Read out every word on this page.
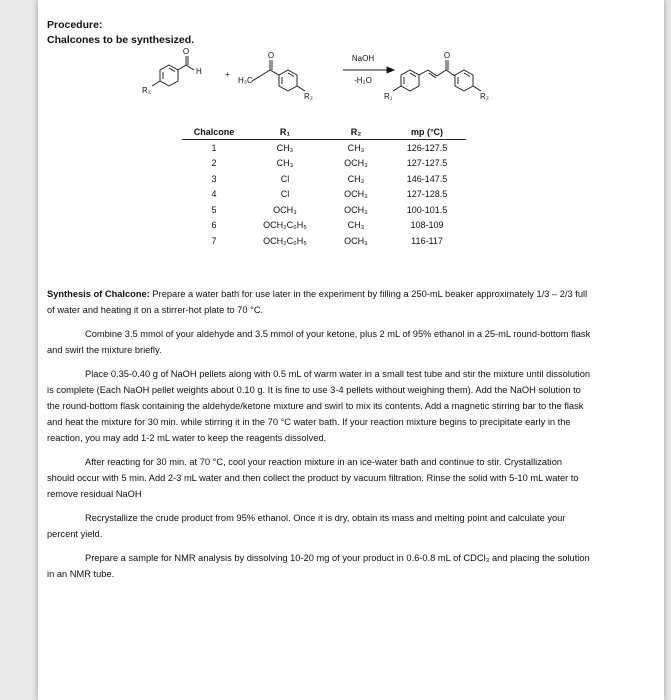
Procedure:
Chalcones to be synthesized.
O
H
R₁
+
H₃C
O
R₂
NaOH
-H₂O
O
R₁	R₂
Chalcone	R₁	R₂	mp (°C)
1	CH₃	CH₃	126-127.5
2	CH₃	OCH₃	127-127.5
3	Cl	CH₃	146-147.5
4	Cl	OCH₃	127-128.5
5	OCH₃	OCH₃	100-101.5
6	OCH₂C₆H₅	CH₃	108-109
7	OCH₂C₆H₅	OCH₃	116-117

Synthesis of Chalcone: Prepare a water bath for use later in the experiment by filling a 250-mL beaker approximately 1/3 – 2/3 full of water and heating it on a stirrer-hot plate to 70 °C.

Combine 3.5 mmol of your aldehyde and 3.5 mmol of your ketone, plus 2 mL of 95% ethanol in a 25-mL round-bottom flask and swirl the mixture briefly.

Place 0.35-0.40 g of NaOH pellets along with 0.5 mL of warm water in a small test tube and stir the mixture until dissolution is complete (Each NaOH pellet weights about 0.10 g. It is fine to use 3-4 pellets without weighing them). Add the NaOH solution to the round-bottom flask containing the aldehyde/ketone mixture and swirl to mix its contents. Add a magnetic stirring bar to the flask and heat the mixture for 30 min. while stirring it in the 70 °C water bath. If your reaction mixture begins to precipitate early in the reaction, you may add 1-2 mL water to keep the reagents dissolved.

After reacting for 30 min. at 70 °C, cool your reaction mixture in an ice-water bath and continue to stir. Crystallization should occur with 5 min. Add 2-3 mL water and then collect the product by vacuum filtration. Rinse the solid with 5-10 mL water to remove residual NaOH

Recrystallize the crude product from 95% ethanol. Once it is dry, obtain its mass and melting point and calculate your percent yield.

Prepare a sample for NMR analysis by dissolving 10-20 mg of your product in 0.6-0.8 mL of CDCl₃ and placing the solution in an NMR tube.
